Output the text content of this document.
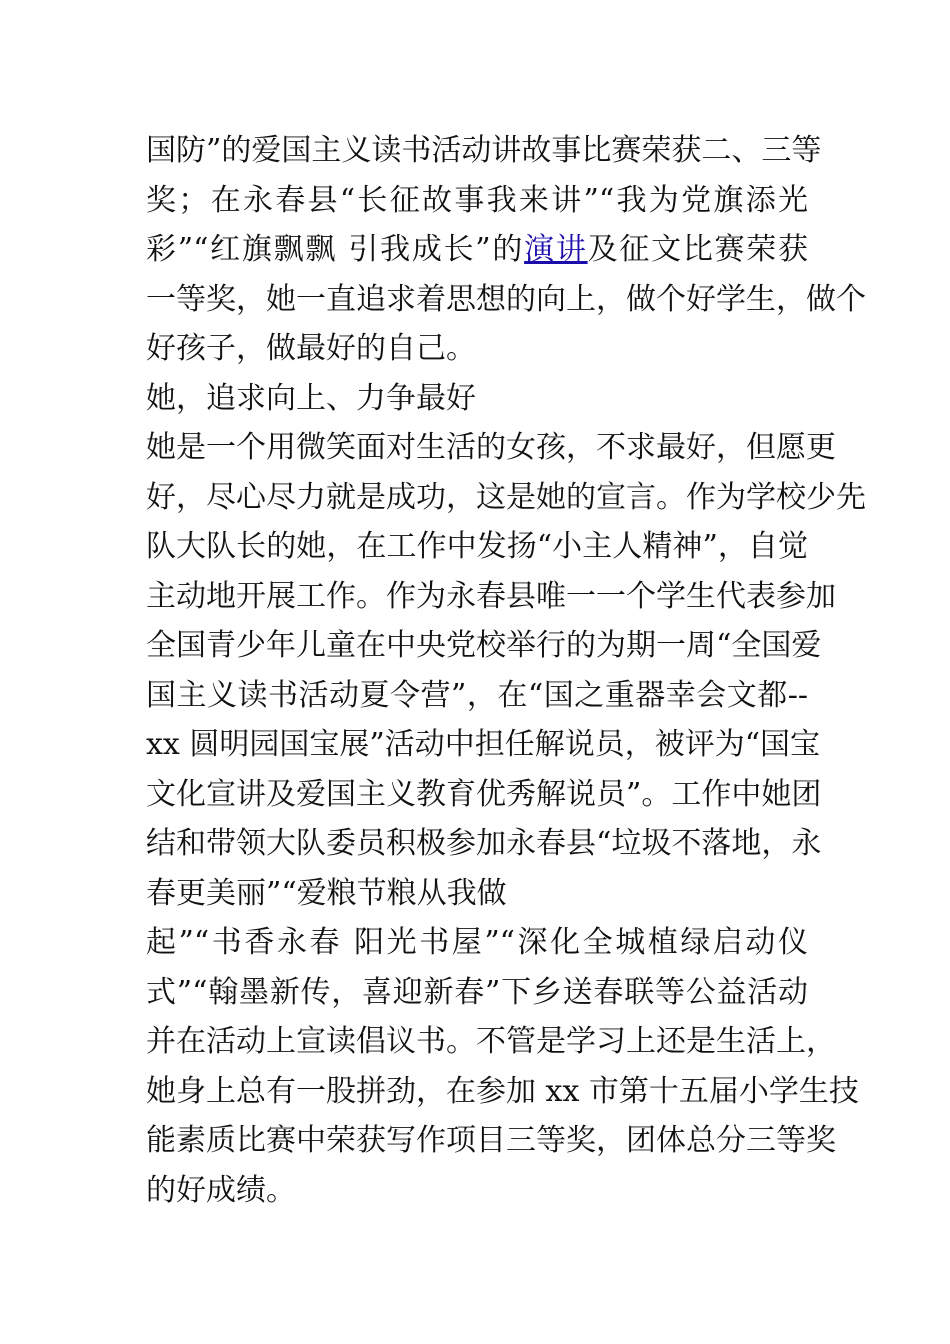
国防”的爱国主义读书活动讲故事比赛荣获二、三等
奖；在永春县“长征故事我来讲”“我为党旗添光
彩”“红旗飘飘 引我成长”的演讲及征文比赛荣获
一等奖，她一直追求着思想的向上，做个好学生，做个
好孩子，做最好的自己。
她，追求向上、力争最好
她是一个用微笑面对生活的女孩，不求最好，但愿更
好，尽心尽力就是成功，这是她的宣言。作为学校少先
队大队长的她，在工作中发扬“小主人精神”，自觉
主动地开展工作。作为永春县唯一一个学生代表参加
全国青少年儿童在中央党校举行的为期一周“全国爱
国主义读书活动夏令营”，在“国之重器幸会文都--
xx 圆明园国宝展”活动中担任解说员，被评为“国宝
文化宣讲及爱国主义教育优秀解说员”。工作中她团
结和带领大队委员积极参加永春县“垃圾不落地，永
春更美丽”“爱粮节粮从我做
起”“书香永春 阳光书屋”“深化全城植绿启动仪
式”“翰墨新传，喜迎新春”下乡送春联等公益活动
并在活动上宣读倡议书。不管是学习上还是生活上，
她身上总有一股拼劲，在参加 xx 市第十五届小学生技
能素质比赛中荣获写作项目三等奖，团体总分三等奖
的好成绩。
